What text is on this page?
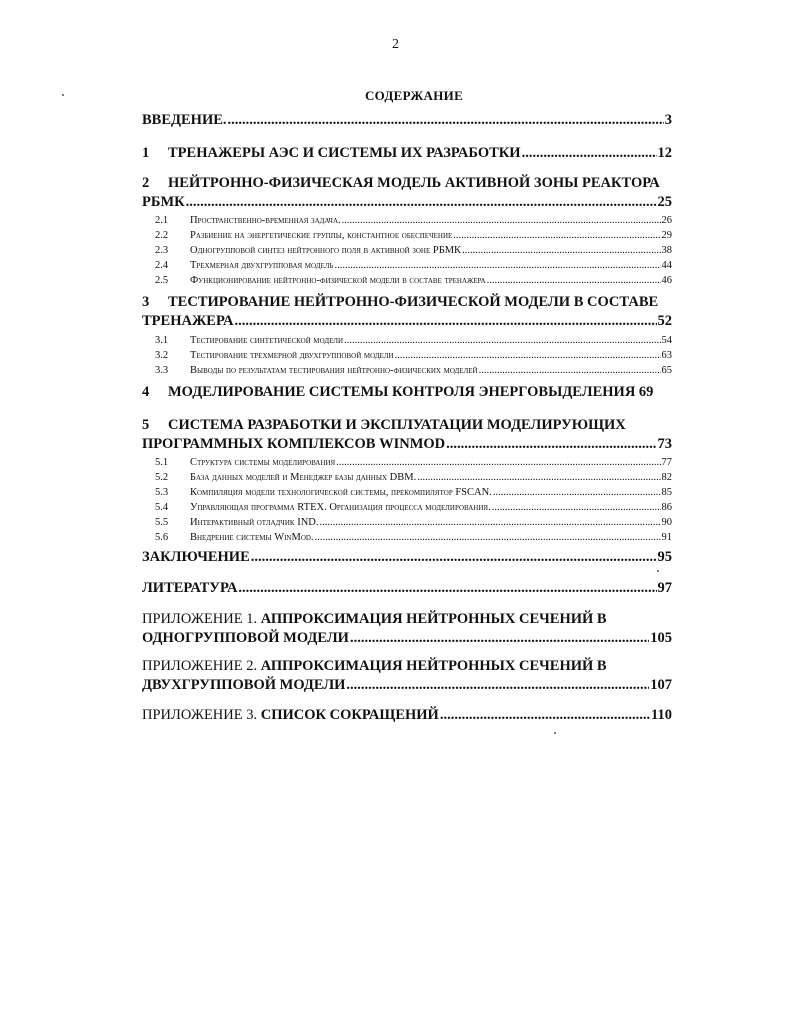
2
СОДЕРЖАНИЕ
ВВЕДЕНИЕ. .....	3
1	ТРЕНАЖЕРЫ АЭС И СИСТЕМЫ ИХ РАЗРАБОТКИ .....	12
2	НЕЙТРОННО-ФИЗИЧЕСКАЯ МОДЕЛЬ АКТИВНОЙ ЗОНЫ РЕАКТОРА
РБМК .....	25
2.1	Пространственно-временная задача. .....	26
2.2	Разбиение на энергетические группы, константное обеспечение .....	29
2.3	Одногрупповой синтез нейтронного поля в активной зоне РБМК .....	38
2.4	Трехмерная двухгрупповая модель .....	44
2.5	Функционирование нейтронно-физической модели в составе тренажера .....	46
3	ТЕСТИРОВАНИЕ НЕЙТРОННО-ФИЗИЧЕСКОЙ МОДЕЛИ В СОСТАВЕ
ТРЕНАЖЕРА .....	52
3.1	Тестирование синтетической модели .....	54
3.2	Тестирование трехмерной двухгрупповой модели .....	63
3.3	Выводы по результатам тестирования нейтронно-физических моделей .....	65
4	МОДЕЛИРОВАНИЕ СИСТЕМЫ КОНТРОЛЯ ЭНЕРГОВЫДЕЛЕНИЯ 69
5	СИСТЕМА РАЗРАБОТКИ И ЭКСПЛУАТАЦИИ МОДЕЛИРУЮЩИХ
ПРОГРАММНЫХ КОМПЛЕКСОВ WINMOD .....	73
5.1	Структура системы моделирования .....	77
5.2	База данных моделей и Менеджер базы данных DBM. .....	82
5.3	Компиляция модели технологической системы, прекомпилятор FSCAN. .....	85
5.4	Управляющая программа RTEX. Организация процесса моделирования. .....	86
5.5	Интерактивный отладчик IND. .....	90
5.6	Внедрение системы WinMod. .....	91
ЗАКЛЮЧЕНИЕ .....	95
ЛИТЕРАТУРА .....	97
ПРИЛОЖЕНИЕ 1.
АППРОКСИМАЦИЯ НЕЙТРОННЫХ СЕЧЕНИЙ В
ОДНОГРУППОВОЙ МОДЕЛИ .....	105
ПРИЛОЖЕНИЕ 2.
АППРОКСИМАЦИЯ НЕЙТРОННЫХ СЕЧЕНИЙ В
ДВУХГРУППОВОЙ МОДЕЛИ .....	107
ПРИЛОЖЕНИЕ 3.
СПИСОК СОКРАЩЕНИЙ .....	110
